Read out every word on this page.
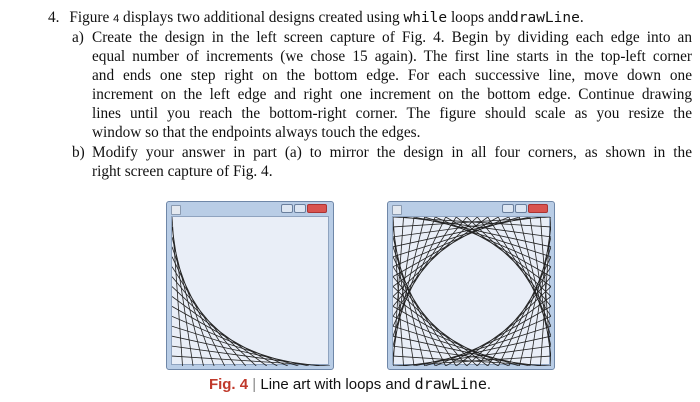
4. Figure 4 displays two additional designs created using while loops anddrawLine.
a) Create the design in the left screen capture of Fig. 4. Begin by dividing each edge into an
equal number of increments (we chose 15 again). The first line starts in the top-left corner
and ends one step right on the bottom edge. For each successive line, move down one
increment on the left edge and right one increment on the bottom edge. Continue drawing
lines until you reach the bottom-right corner. The figure should scale as you resize the
window so that the endpoints always touch the edges.
b) Modify your answer in part (a) to mirror the design in all four corners, as shown in the
right screen capture of Fig. 4.
Fig. 4 | Line art with loops and drawLine.
